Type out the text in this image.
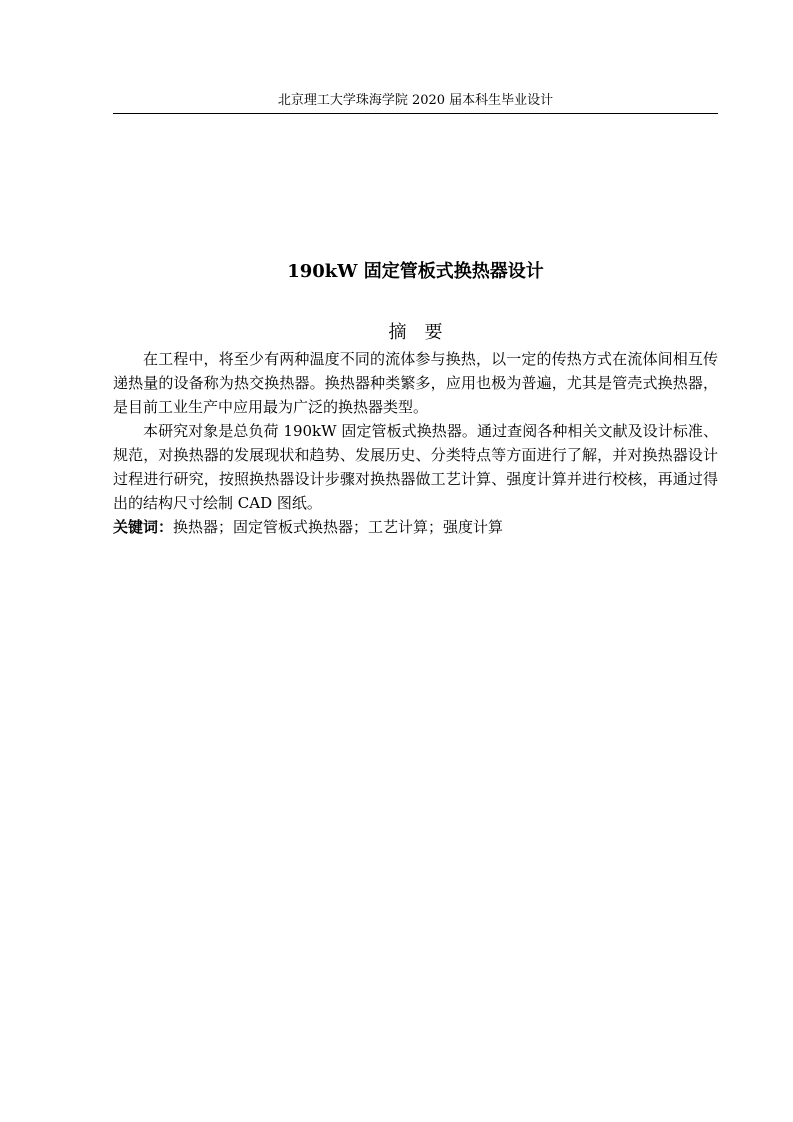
北京理工大学珠海学院 2020 届本科生毕业设计
190kW 固定管板式换热器设计
摘要

在工程中，将至少有两种温度不同的流体参与换热，以一定的传热方式在流体间相互传递热量的设备称为热交换热器。换热器种类繁多，应用也极为普遍，尤其是管壳式换热器，是目前工业生产中应用最为广泛的换热器类型。

本研究对象是总负荷 190kW 固定管板式换热器。通过查阅各种相关文献及设计标准、规范，对换热器的发展现状和趋势、发展历史、分类特点等方面进行了解，并对换热器设计过程进行研究，按照换热器设计步骤对换热器做工艺计算、强度计算并进行校核，再通过得出的结构尺寸绘制 CAD 图纸。

关键词：换热器；固定管板式换热器；工艺计算；强度计算
